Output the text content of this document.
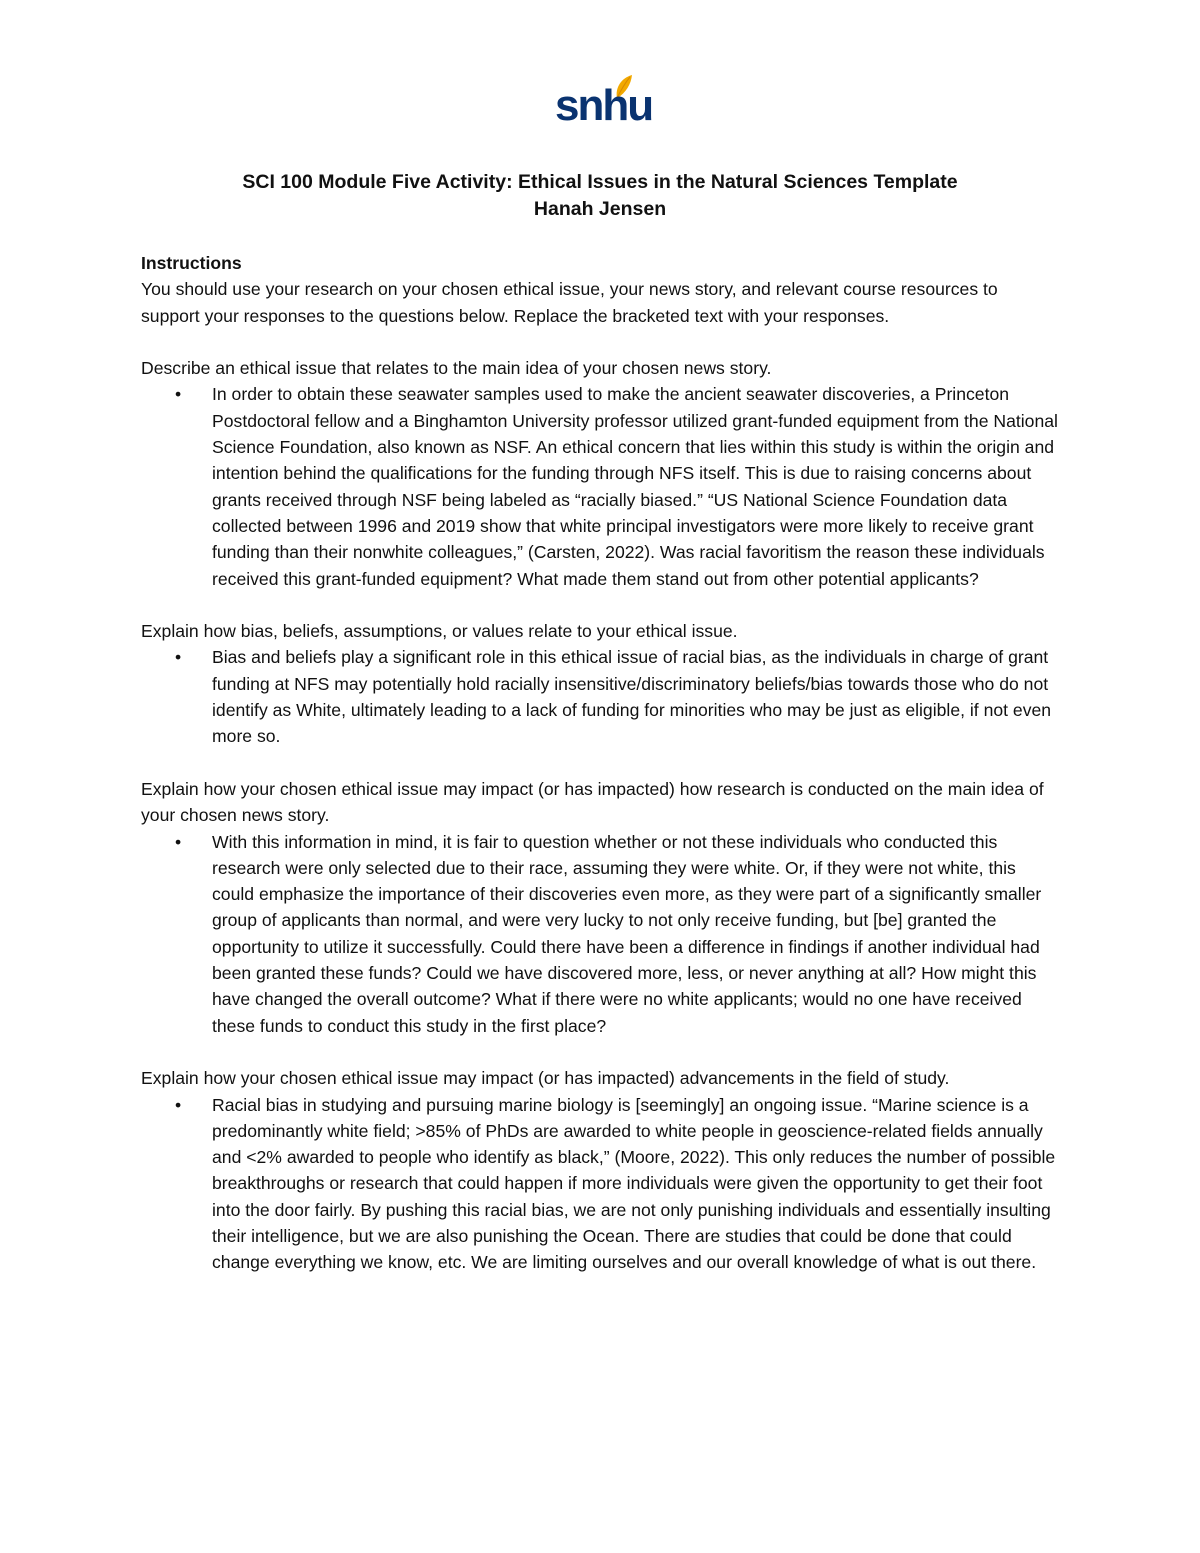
snhu
SCI 100 Module Five Activity: Ethical Issues in the Natural Sciences Template
Hanah Jensen

Instructions

You should use your research on your chosen ethical issue, your news story, and relevant course resources to support your responses to the questions below. Replace the bracketed text with your responses.

Describe an ethical issue that relates to the main idea of your chosen news story.

• In order to obtain these seawater samples used to make the ancient seawater discoveries, a Princeton Postdoctoral fellow and a Binghamton University professor utilized grant-funded equipment from the National Science Foundation, also known as NSF. An ethical concern that lies within this study is within the origin and intention behind the qualifications for the funding through NFS itself. This is due to raising concerns about grants received through NSF being labeled as “racially biased.” “US National Science Foundation data collected between 1996 and 2019 show that white principal investigators were more likely to receive grant funding than their nonwhite colleagues,” (Carsten, 2022). Was racial favoritism the reason these individuals received this grant-funded equipment? What made them stand out from other potential applicants?

Explain how bias, beliefs, assumptions, or values relate to your ethical issue.

• Bias and beliefs play a significant role in this ethical issue of racial bias, as the individuals in charge of grant funding at NFS may potentially hold racially insensitive/discriminatory beliefs/bias towards those who do not identify as White, ultimately leading to a lack of funding for minorities who may be just as eligible, if not even more so.

Explain how your chosen ethical issue may impact (or has impacted) how research is conducted on the main idea of your chosen news story.

• With this information in mind, it is fair to question whether or not these individuals who conducted this research were only selected due to their race, assuming they were white. Or, if they were not white, this could emphasize the importance of their discoveries even more, as they were part of a significantly smaller group of applicants than normal, and were very lucky to not only receive funding, but [be] granted the opportunity to utilize it successfully. Could there have been a difference in findings if another individual had been granted these funds? Could we have discovered more, less, or never anything at all? How might this have changed the overall outcome? What if there were no white applicants; would no one have received these funds to conduct this study in the first place?

Explain how your chosen ethical issue may impact (or has impacted) advancements in the field of study.

• Racial bias in studying and pursuing marine biology is [seemingly] an ongoing issue. “Marine science is a predominantly white field; >85% of PhDs are awarded to white people in geoscience-related fields annually and <2% awarded to people who identify as black,” (Moore, 2022). This only reduces the number of possible breakthroughs or research that could happen if more individuals were given the opportunity to get their foot into the door fairly. By pushing this racial bias, we are not only punishing individuals and essentially insulting their intelligence, but we are also punishing the Ocean. There are studies that could be done that could change everything we know, etc. We are limiting ourselves and our overall knowledge of what is out there.
